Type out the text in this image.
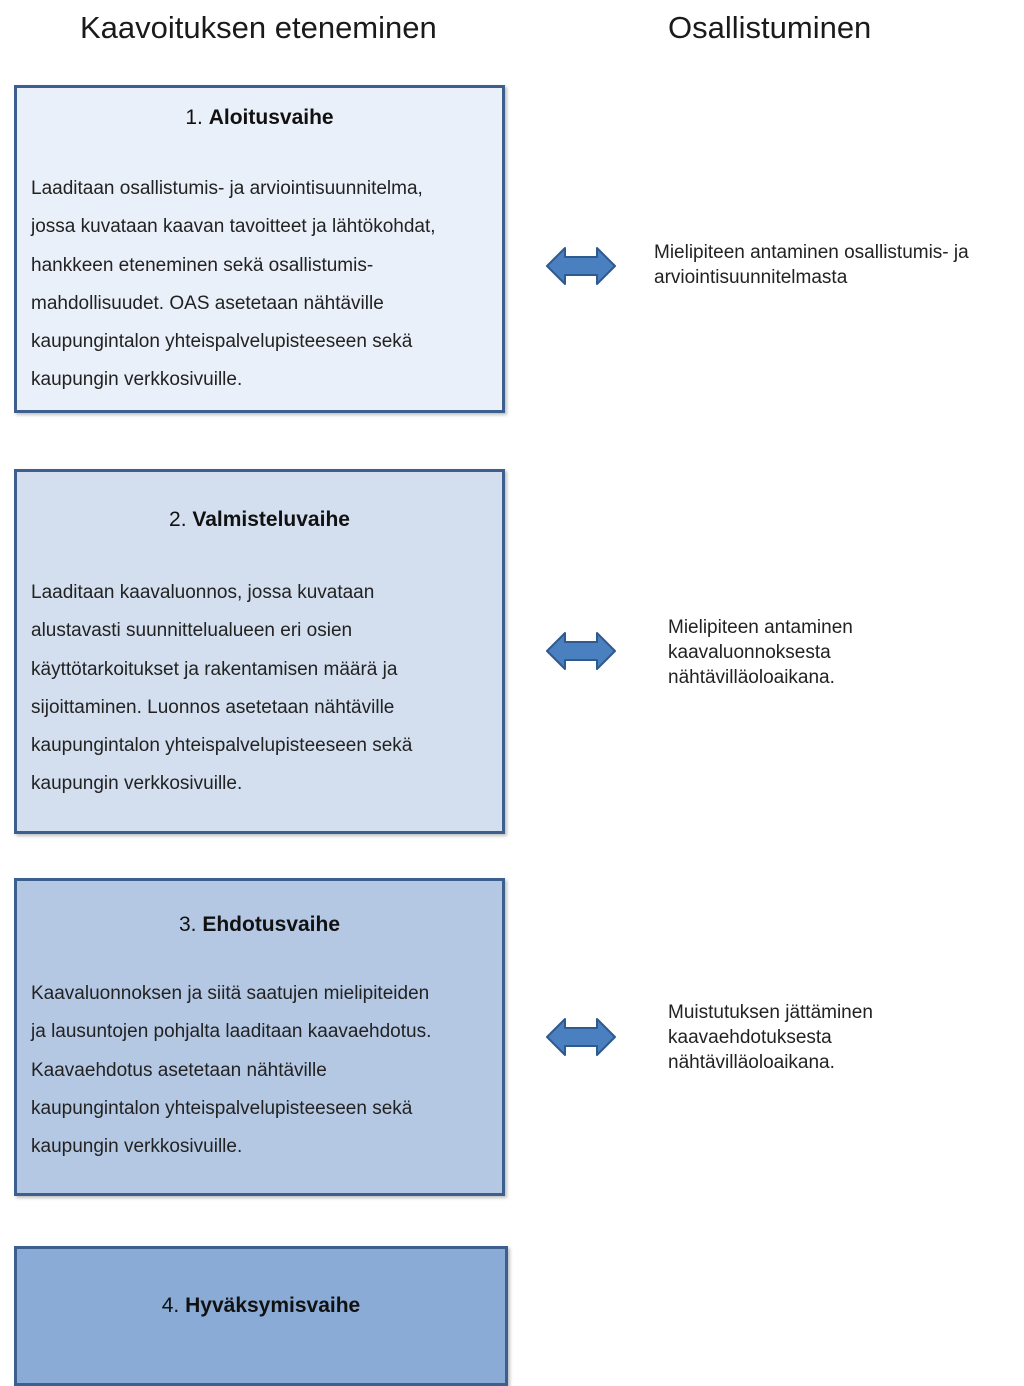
Kaavoituksen eteneminen	Osallistuminen
1. Aloitusvaihe
Laaditaan osallistumis- ja arviointisuunnitelma,
jossa kuvataan kaavan tavoitteet ja lähtökohdat,
hankkeen eteneminen sekä osallistumis-
mahdollisuudet. OAS asetetaan nähtäville
kaupungintalon yhteispalvelupisteeseen sekä
kaupungin verkkosivuille.
2. Valmisteluvaihe
Laaditaan kaavaluonnos, jossa kuvataan
alustavasti suunnittelualueen eri osien
käyttötarkoitukset ja rakentamisen määrä ja
sijoittaminen. Luonnos asetetaan nähtäville
kaupungintalon yhteispalvelupisteeseen sekä
kaupungin verkkosivuille.
3. Ehdotusvaihe
Kaavaluonnoksen ja siitä saatujen mielipiteiden
ja lausuntojen pohjalta laaditaan kaavaehdotus.
Kaavaehdotus asetetaan nähtäville
kaupungintalon yhteispalvelupisteeseen sekä
kaupungin verkkosivuille.
4. Hyväksymisvaihe
Mielipiteen antaminen osallistumis- ja
arviointisuunnitelmasta
Mielipiteen antaminen
kaavaluonnoksesta
nähtävilläoloaikana.
Muistutuksen jättäminen
kaavaehdotuksesta
nähtävilläoloaikana.
